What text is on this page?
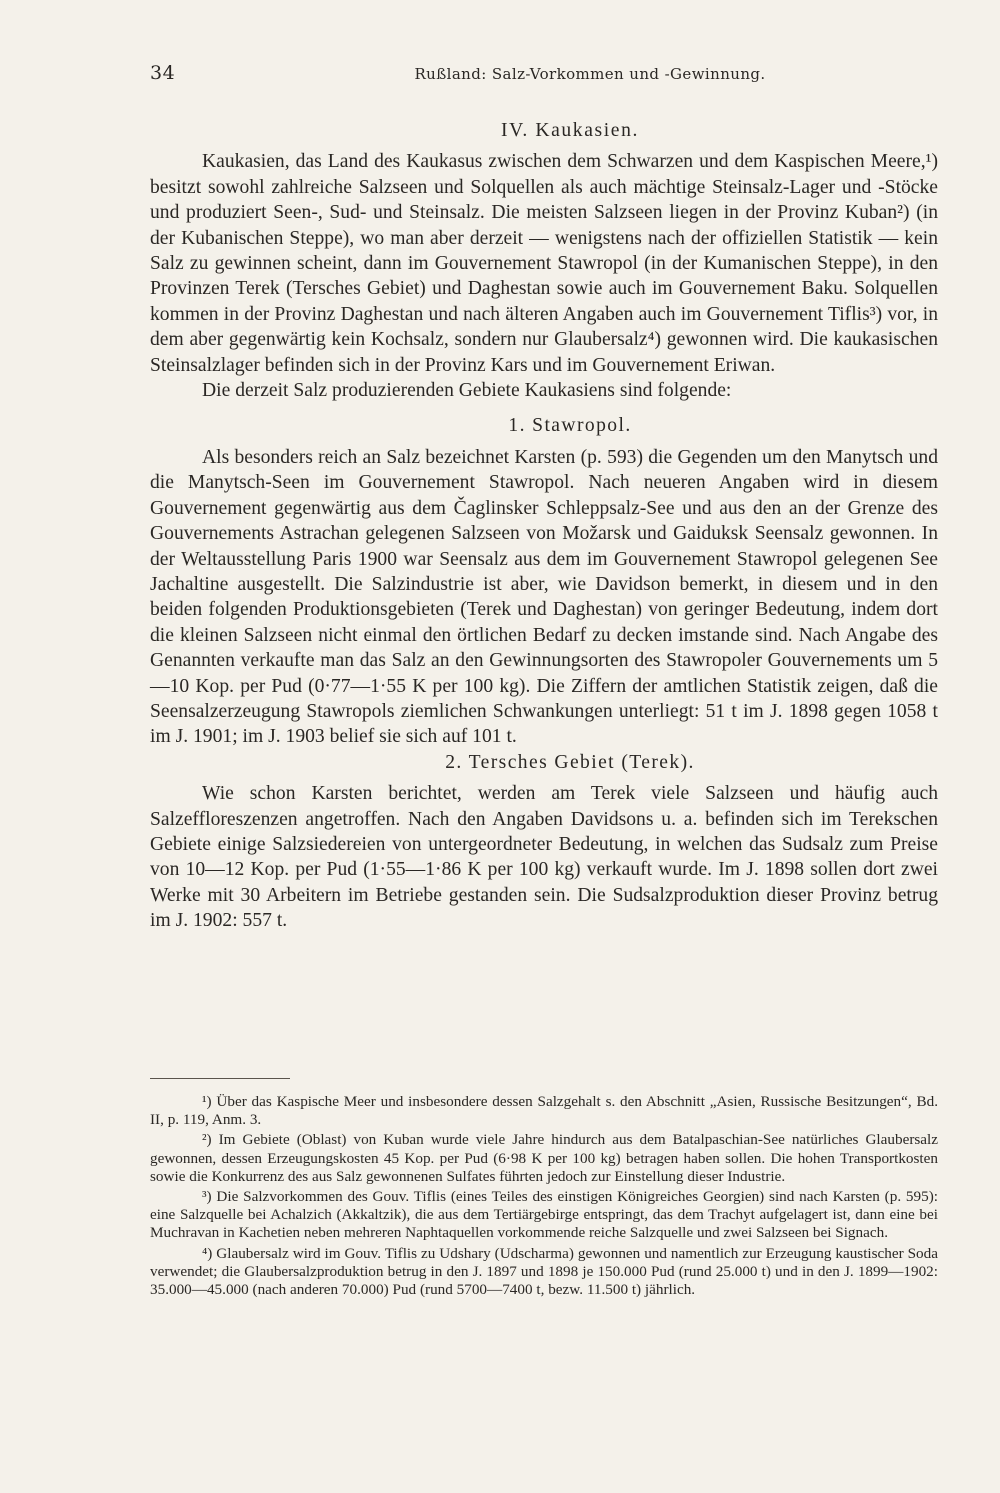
34	Rußland: Salz-Vorkommen und -Gewinnung.

IV. Kaukasien.

Kaukasien, das Land des Kaukasus zwischen dem Schwarzen und dem Kaspischen Meere,¹) besitzt sowohl zahlreiche Salzseen und Solquellen als auch mächtige Steinsalz-Lager und -Stöcke und produziert Seen-, Sud- und Steinsalz. Die meisten Salzseen liegen in der Provinz Kuban²) (in der Kubanischen Steppe), wo man aber derzeit — wenigstens nach der offiziellen Statistik — kein Salz zu gewinnen scheint, dann im Gouvernement Stawropol (in der Kumanischen Steppe), in den Provinzen Terek (Tersches Gebiet) und Daghestan sowie auch im Gouvernement Baku. Solquellen kommen in der Provinz Daghestan und nach älteren Angaben auch im Gouvernement Tiflis³) vor, in dem aber gegenwärtig kein Kochsalz, sondern nur Glaubersalz⁴) gewonnen wird. Die kaukasischen Steinsalzlager befinden sich in der Provinz Kars und im Gouvernement Eriwan.

Die derzeit Salz produzierenden Gebiete Kaukasiens sind folgende:

1. Stawropol.

Als besonders reich an Salz bezeichnet Karsten (p. 593) die Gegenden um den Manytsch und die Manytsch-Seen im Gouvernement Stawropol. Nach neueren Angaben wird in diesem Gouvernement gegenwärtig aus dem Čaglinsker Schleppsalz-See und aus den an der Grenze des Gouvernements Astrachan gelegenen Salzseen von Možarsk und Gaiduksk Seensalz gewonnen. In der Weltausstellung Paris 1900 war Seensalz aus dem im Gouvernement Stawropol gelegenen See Jachaltine ausgestellt. Die Salzindustrie ist aber, wie Davidson bemerkt, in diesem und in den beiden folgenden Produktionsgebieten (Terek und Daghestan) von geringer Bedeutung, indem dort die kleinen Salzseen nicht einmal den örtlichen Bedarf zu decken imstande sind. Nach Angabe des Genannten verkaufte man das Salz an den Gewinnungsorten des Stawropoler Gouvernements um 5—10 Kop. per Pud (0·77—1·55 K per 100 kg). Die Ziffern der amtlichen Statistik zeigen, daß die Seensalzerzeugung Stawropols ziemlichen Schwankungen unterliegt: 51 t im J. 1898 gegen 1058 t im J. 1901; im J. 1903 belief sie sich auf 101 t.

2. Tersches Gebiet (Terek).

Wie schon Karsten berichtet, werden am Terek viele Salzseen und häufig auch Salzeffloreszenzen angetroffen. Nach den Angaben Davidsons u. a. befinden sich im Terekschen Gebiete einige Salzsiedereien von untergeordneter Bedeutung, in welchen das Sudsalz zum Preise von 10—12 Kop. per Pud (1·55—1·86 K per 100 kg) verkauft wurde. Im J. 1898 sollen dort zwei Werke mit 30 Arbeitern im Betriebe gestanden sein. Die Sudsalzproduktion dieser Provinz betrug im J. 1902: 557 t.

¹) Über das Kaspische Meer und insbesondere dessen Salzgehalt s. den Abschnitt „Asien, Russische Besitzungen“, Bd. II, p. 119, Anm. 3.

²) Im Gebiete (Oblast) von Kuban wurde viele Jahre hindurch aus dem Batalpaschian-See natürliches Glaubersalz gewonnen, dessen Erzeugungskosten 45 Kop. per Pud (6·98 K per 100 kg) betragen haben sollen. Die hohen Transportkosten sowie die Konkurrenz des aus Salz gewonnenen Sulfates führten jedoch zur Einstellung dieser Industrie.

³) Die Salzvorkommen des Gouv. Tiflis (eines Teiles des einstigen Königreiches Georgien) sind nach Karsten (p. 595): eine Salzquelle bei Achalzich (Akkaltzik), die aus dem Tertiärgebirge entspringt, das dem Trachyt aufgelagert ist, dann eine bei Muchravan in Kachetien neben mehreren Naphtaquellen vorkommende reiche Salzquelle und zwei Salzseen bei Signach.

⁴) Glaubersalz wird im Gouv. Tiflis zu Udshary (Udscharma) gewonnen und namentlich zur Erzeugung kaustischer Soda verwendet; die Glaubersalzproduktion betrug in den J. 1897 und 1898 je 150.000 Pud (rund 25.000 t) und in den J. 1899—1902: 35.000—45.000 (nach anderen 70.000) Pud (rund 5700—7400 t, bezw. 11.500 t) jährlich.
